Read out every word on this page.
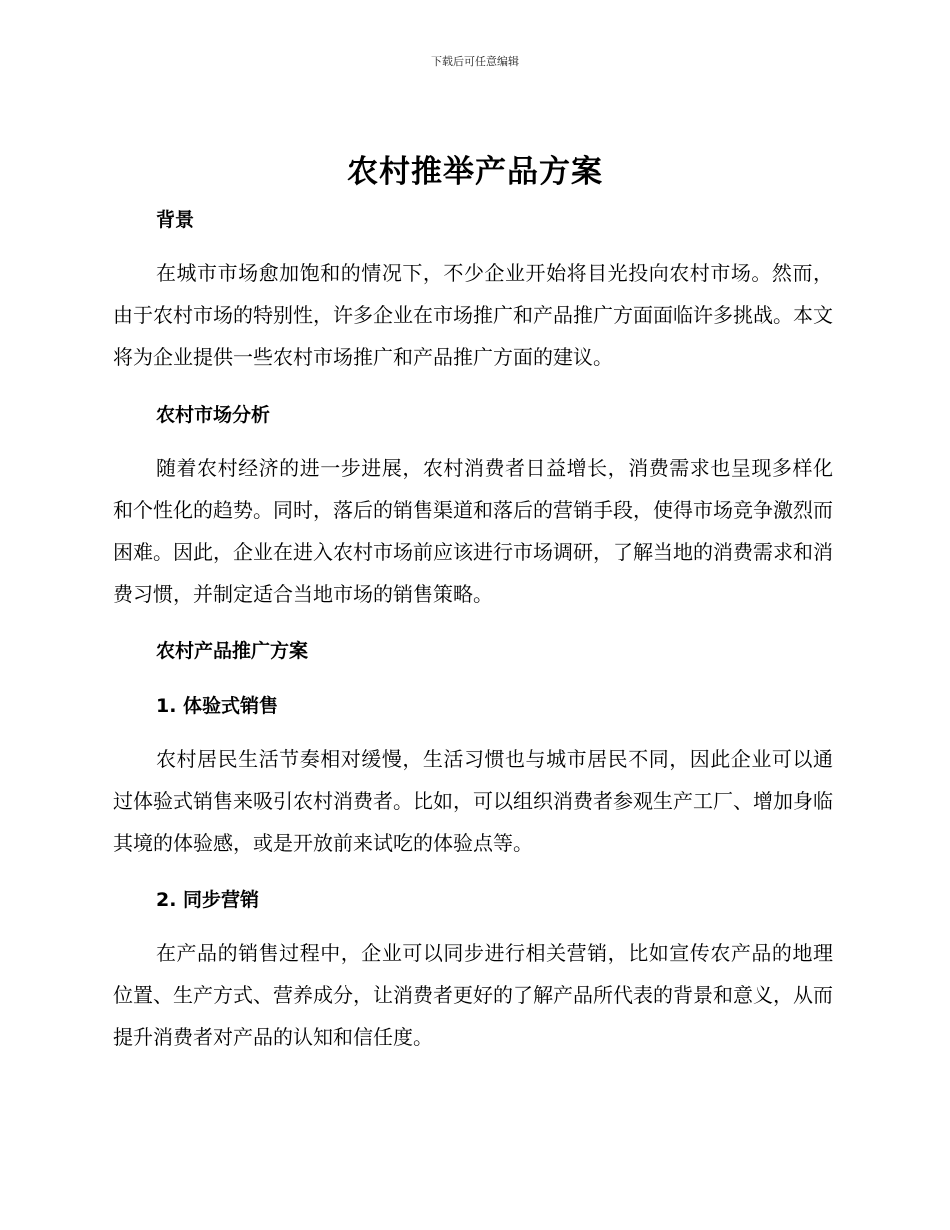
下载后可任意编辑
农村推举产品方案
背景
在城市市场愈加饱和的情况下，不少企业开始将目光投向农村市场。然而，由于农村市场的特别性，许多企业在市场推广和产品推广方面面临许多挑战。本文将为企业提供一些农村市场推广和产品推广方面的建议。
农村市场分析
随着农村经济的进一步进展，农村消费者日益增长，消费需求也呈现多样化和个性化的趋势。同时，落后的销售渠道和落后的营销手段，使得市场竞争激烈而困难。因此，企业在进入农村市场前应该进行市场调研，了解当地的消费需求和消费习惯，并制定适合当地市场的销售策略。
农村产品推广方案
1. 体验式销售
农村居民生活节奏相对缓慢，生活习惯也与城市居民不同，因此企业可以通过体验式销售来吸引农村消费者。比如，可以组织消费者参观生产工厂、增加身临其境的体验感，或是开放前来试吃的体验点等。
2. 同步营销
在产品的销售过程中，企业可以同步进行相关营销，比如宣传农产品的地理位置、生产方式、营养成分，让消费者更好的了解产品所代表的背景和意义，从而提升消费者对产品的认知和信任度。
